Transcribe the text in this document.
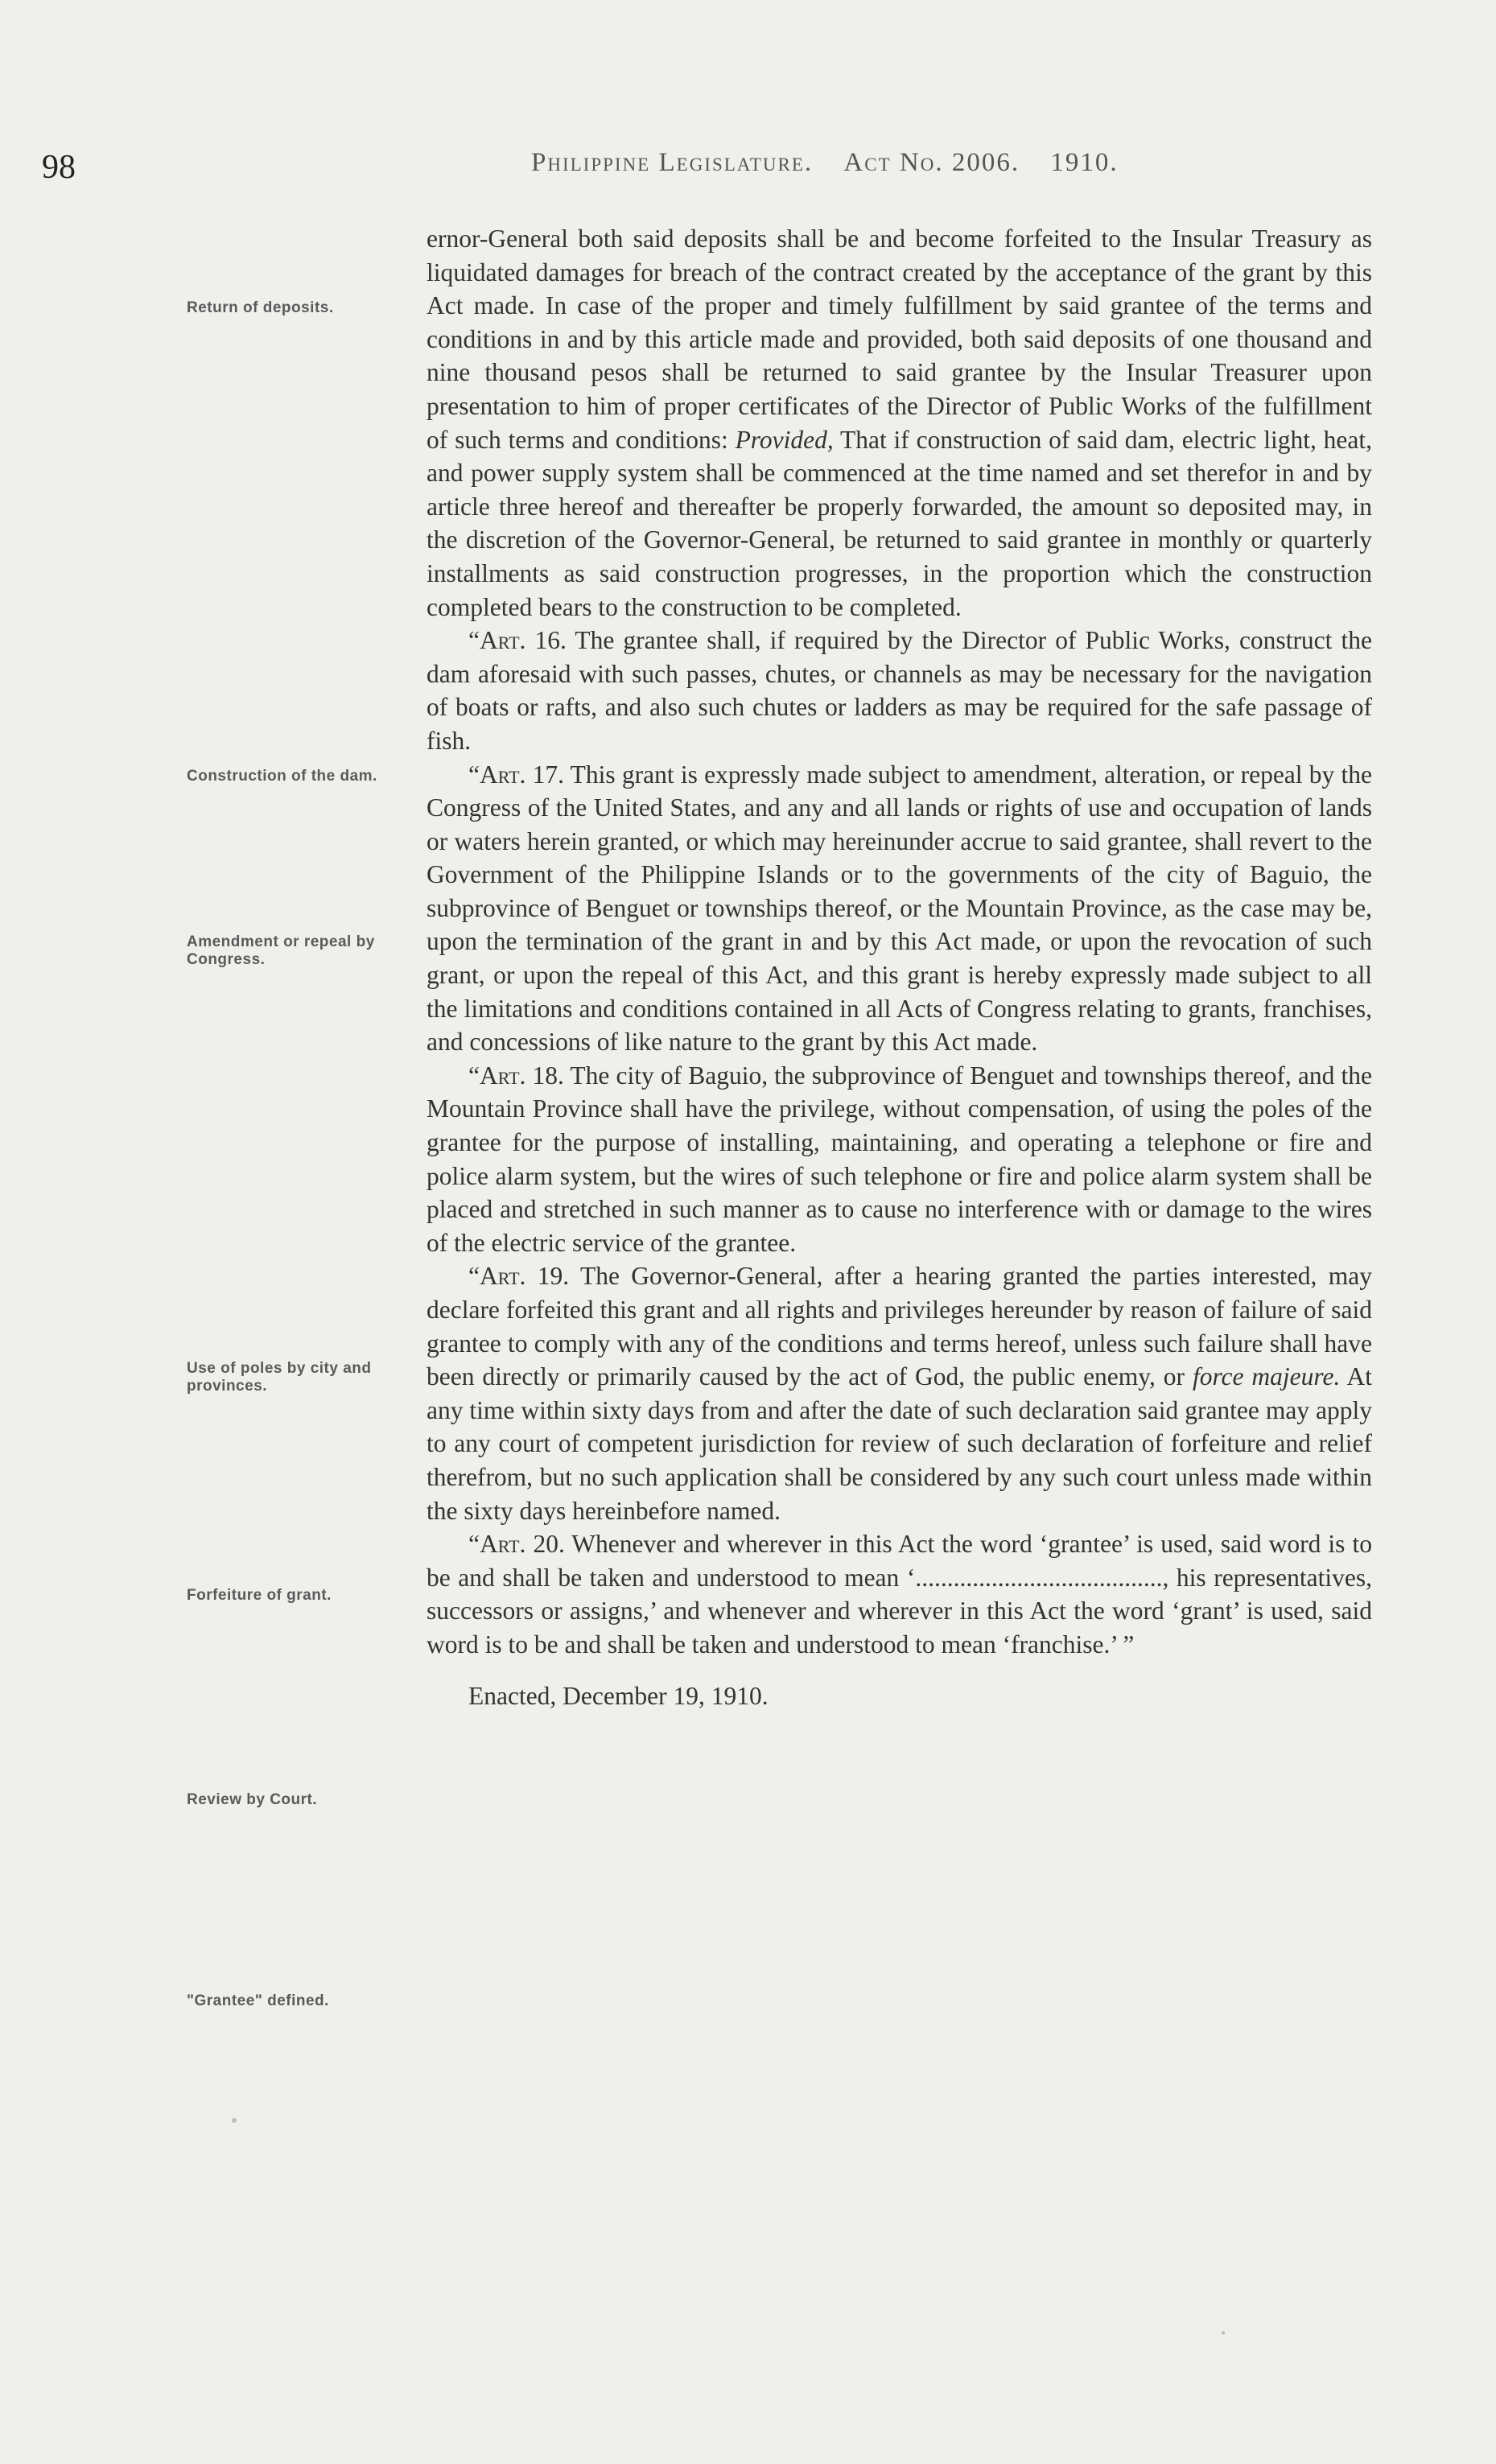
98	Philippine Legislature. Act No. 2006. 1910.
Return of deposits.
Construction of the dam.
Amendment or repeal by Congress.
Use of poles by city and provinces.
Forfeiture of grant.
Review by Court.
"Grantee" defined.

ernor-General both said deposits shall be and become forfeited to the Insular Treasury as liquidated damages for breach of the contract created by the acceptance of the grant by this Act made. In case of the proper and timely fulfillment by said grantee of the terms and conditions in and by this article made and provided, both said deposits of one thousand and nine thousand pesos shall be returned to said grantee by the Insular Treasurer upon presentation to him of proper certificates of the Director of Public Works of the fulfillment of such terms and conditions: Provided, That if construction of said dam, electric light, heat, and power supply system shall be commenced at the time named and set therefor in and by article three hereof and thereafter be properly forwarded, the amount so deposited may, in the discretion of the Governor-General, be returned to said grantee in monthly or quarterly installments as said construction progresses, in the proportion which the construction completed bears to the construction to be completed.

“Art. 16. The grantee shall, if required by the Director of Public Works, construct the dam aforesaid with such passes, chutes, or channels as may be necessary for the navigation of boats or rafts, and also such chutes or ladders as may be required for the safe passage of fish.

“Art. 17. This grant is expressly made subject to amendment, alteration, or repeal by the Congress of the United States, and any and all lands or rights of use and occupation of lands or waters herein granted, or which may hereinunder accrue to said grantee, shall revert to the Government of the Philippine Islands or to the governments of the city of Baguio, the subprovince of Benguet or townships thereof, or the Mountain Province, as the case may be, upon the termination of the grant in and by this Act made, or upon the revocation of such grant, or upon the repeal of this Act, and this grant is hereby expressly made subject to all the limitations and conditions contained in all Acts of Congress relating to grants, franchises, and concessions of like nature to the grant by this Act made.

“Art. 18. The city of Baguio, the subprovince of Benguet and townships thereof, and the Mountain Province shall have the privilege, without compensation, of using the poles of the grantee for the purpose of installing, maintaining, and operating a telephone or fire and police alarm system, but the wires of such telephone or fire and police alarm system shall be placed and stretched in such manner as to cause no interference with or damage to the wires of the electric service of the grantee.

“Art. 19. The Governor-General, after a hearing granted the parties interested, may declare forfeited this grant and all rights and privileges hereunder by reason of failure of said grantee to comply with any of the conditions and terms hereof, unless such failure shall have been directly or primarily caused by the act of God, the public enemy, or force majeure. At any time within sixty days from and after the date of such declaration said grantee may apply to any court of competent jurisdiction for review of such declaration of forfeiture and relief therefrom, but no such application shall be considered by any such court unless made within the sixty days hereinbefore named.

“Art. 20. Whenever and wherever in this Act the word ‘grantee’ is used, said word is to be and shall be taken and understood to mean ‘......................................., his representatives, successors or assigns,’ and whenever and wherever in this Act the word ‘grant’ is used, said word is to be and shall be taken and understood to mean ‘franchise.’ ”

Enacted, December 19, 1910.
